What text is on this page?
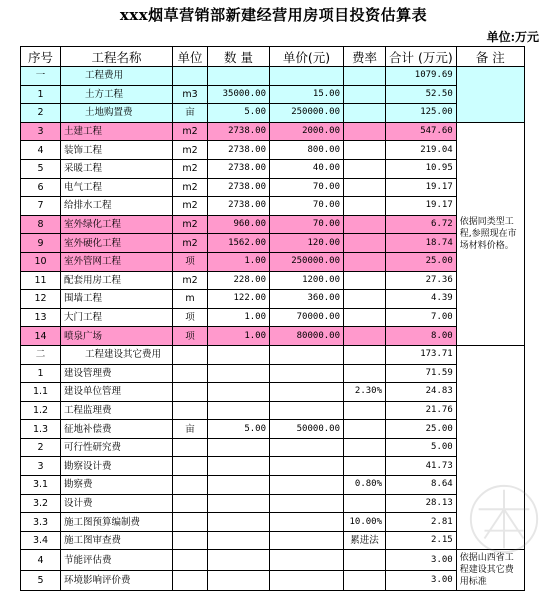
xxx烟草营销部新建经营用房项目投资估算表
单位:万元
序号	工程名称	单位	数 量	单价(元)	费率	合计 (万元)	备 注
一	工程费用					1079.69	
1	土方工程	m3	35000.00	15.00		52.50	
2	土地购置费	亩	5.00	250000.00		125.00	
3	土建工程	m2	2738.00	2000.00		547.60	依据同类型工程,参照现在市场材料价格。
4	装饰工程	m2	2738.00	800.00		219.04	
5	采暖工程	m2	2738.00	40.00		10.95	
6	电气工程	m2	2738.00	70.00		19.17	
7	给排水工程	m2	2738.00	70.00		19.17	
8	室外绿化工程	m2	960.00	70.00		6.72	
9	室外硬化工程	m2	1562.00	120.00		18.74	
10	室外管网工程	项	1.00	250000.00		25.00	
11	配套用房工程	m2	228.00	1200.00		27.36	
12	围墙工程	m	122.00	360.00		4.39	
13	大门工程	项	1.00	70000.00		7.00	
14	喷泉广场	项	1.00	80000.00		8.00	
二	工程建设其它费用					173.71	
1	建设管理费					71.59	
1.1	建设单位管理				2.30%	24.83	
1.2	工程监理费					21.76	
1.3	征地补偿费	亩	5.00	50000.00		25.00	
2	可行性研究费					5.00	
3	勘察设计费					41.73	
3.1	勘察费				0.80%	8.64	
3.2	设计费					28.13	
3.3	施工图预算编制费				10.00%	2.81	
3.4	施工图审查费				累进法	2.15	
4	节能评估费					3.00	依据山西省工程建设其它费用标准
5	环境影响评价费					3.00	
